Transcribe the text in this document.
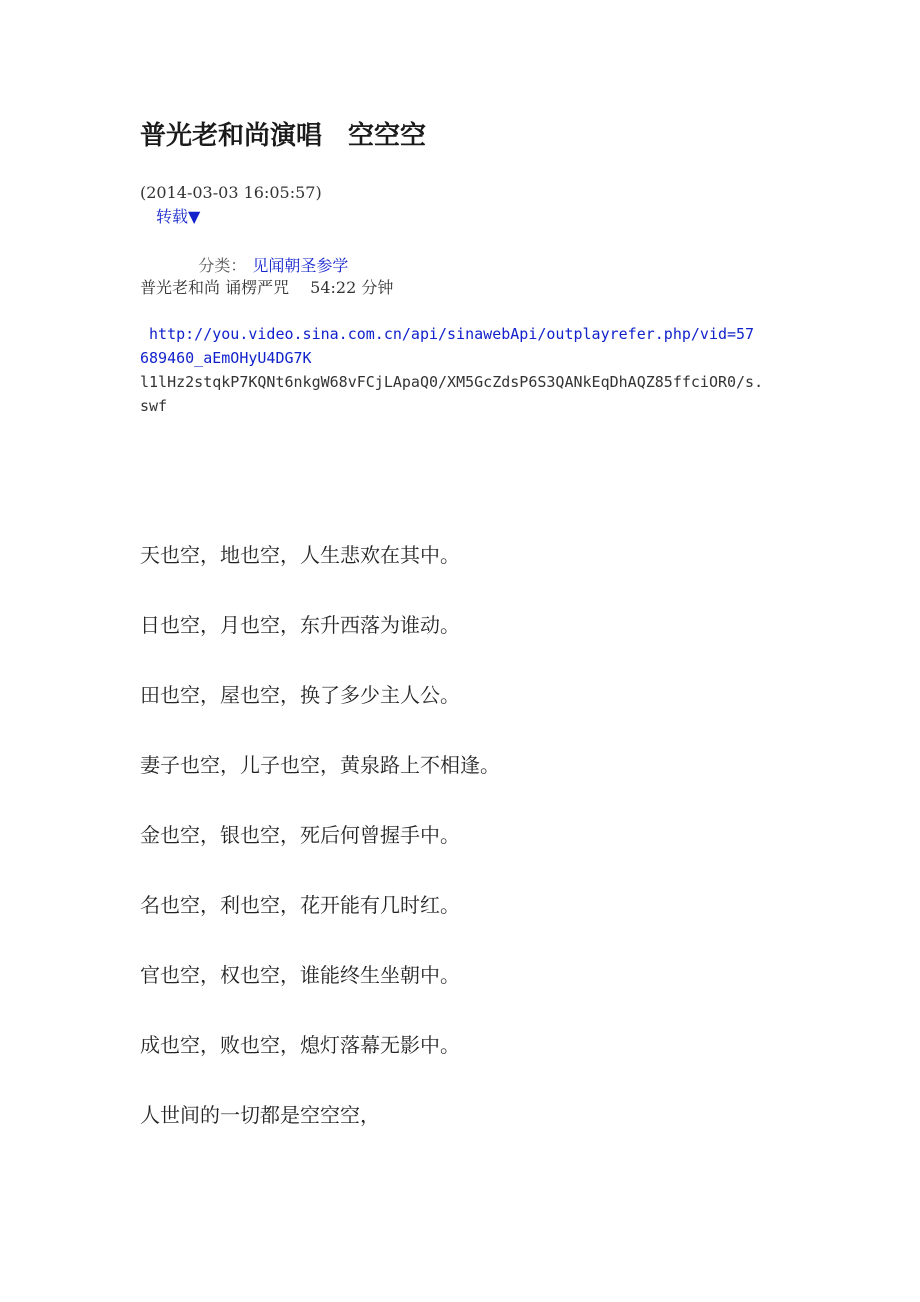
普光老和尚演唱　空空空
(2014-03-03 16:05:57)
转载▼

分类： 见闻朝圣参学

普光老和尚 诵楞严咒　 54:22 分钟
http://you.video.sina.com.cn/api/sinawebApi/outplayrefer.php/vid=57
689460_aEmOHyU4DG7K
l1lHz2stqkP7KQNt6nkgW68vFCjLApaQ0/XM5GcZdsP6S3QANkEqDhAQZ85ffciOR0/s.
swf
天也空，地也空，人生悲欢在其中。
日也空，月也空，东升西落为谁动。
田也空，屋也空，换了多少主人公。
妻子也空，儿子也空，黄泉路上不相逢。
金也空，银也空，死后何曾握手中。
名也空，利也空，花开能有几时红。
官也空，权也空，谁能终生坐朝中。
成也空，败也空，熄灯落幕无影中。
人世间的一切都是空空空，
